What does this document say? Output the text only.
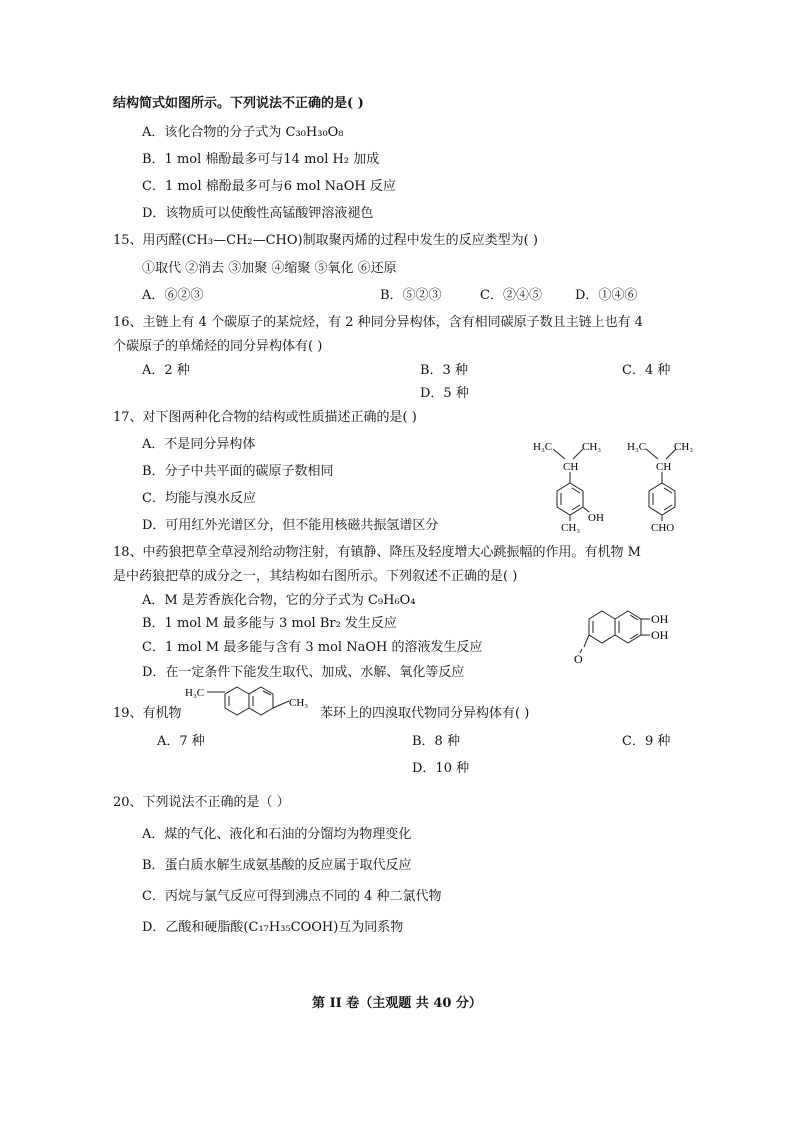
结构简式如图所示。下列说法不正确的是( )
A．该化合物的分子式为 C₃₀H₃₀O₈
B．1 mol 棉酚最多可与14 mol H₂ 加成
C．1 mol 棉酚最多可与6 mol NaOH 反应
D．该物质可以使酸性高锰酸钾溶液褪色
15、用丙醛(CH₃—CH₂—CHO)制取聚丙烯的过程中发生的反应类型为( )
①取代 ②消去 ③加聚 ④缩聚 ⑤氧化 ⑥还原
A．⑥②③	B．⑤②③	C．②④⑤	D．①④⑥
16、主链上有 4 个碳原子的某烷烃，有 2 种同分异构体，含有相同碳原子数且主链上也有 4
个碳原子的单烯烃的同分异构体有( )
A．2 种	B．3 种	C．4 种
D．5 种
17、对下图两种化合物的结构或性质描述正确的是( )
A．不是同分异构体
B．分子中共平面的碳原子数相同
C．均能与溴水反应
D．可用红外光谱区分，但不能用核磁共振氢谱区分
H₃C	CH₃
CH
OH
CH₃
H₃C	CH₃
CH
CHO
18、中药狼把草全草浸剂给动物注射，有镇静、降压及轻度增大心跳振幅的作用。有机物 M
是中药狼把草的成分之一，其结构如右图所示。下列叙述不正确的是( )
A．M 是芳香族化合物，它的分子式为 C₉H₆O₄
B．1 mol M 最多能与 3 mol Br₂ 发生反应
C．1 mol M 最多能与含有 3 mol NaOH 的溶液发生反应
D．在一定条件下能发生取代、加成、水解、氧化等反应
OH
OH
O
19、有机物
H₃C
CH₃
苯环上的四溴取代物同分异构体有( )
A．7 种	B．8 种	C．9 种
D．10 种
20、下列说法不正确的是（ ）
A．煤的气化、液化和石油的分馏均为物理变化
B．蛋白质水解生成氨基酸的反应属于取代反应
C．丙烷与氯气反应可得到沸点不同的 4 种二氯代物
D．乙酸和硬脂酸(C₁₇H₃₅COOH)互为同系物
第 II 卷（主观题 共 40 分）
